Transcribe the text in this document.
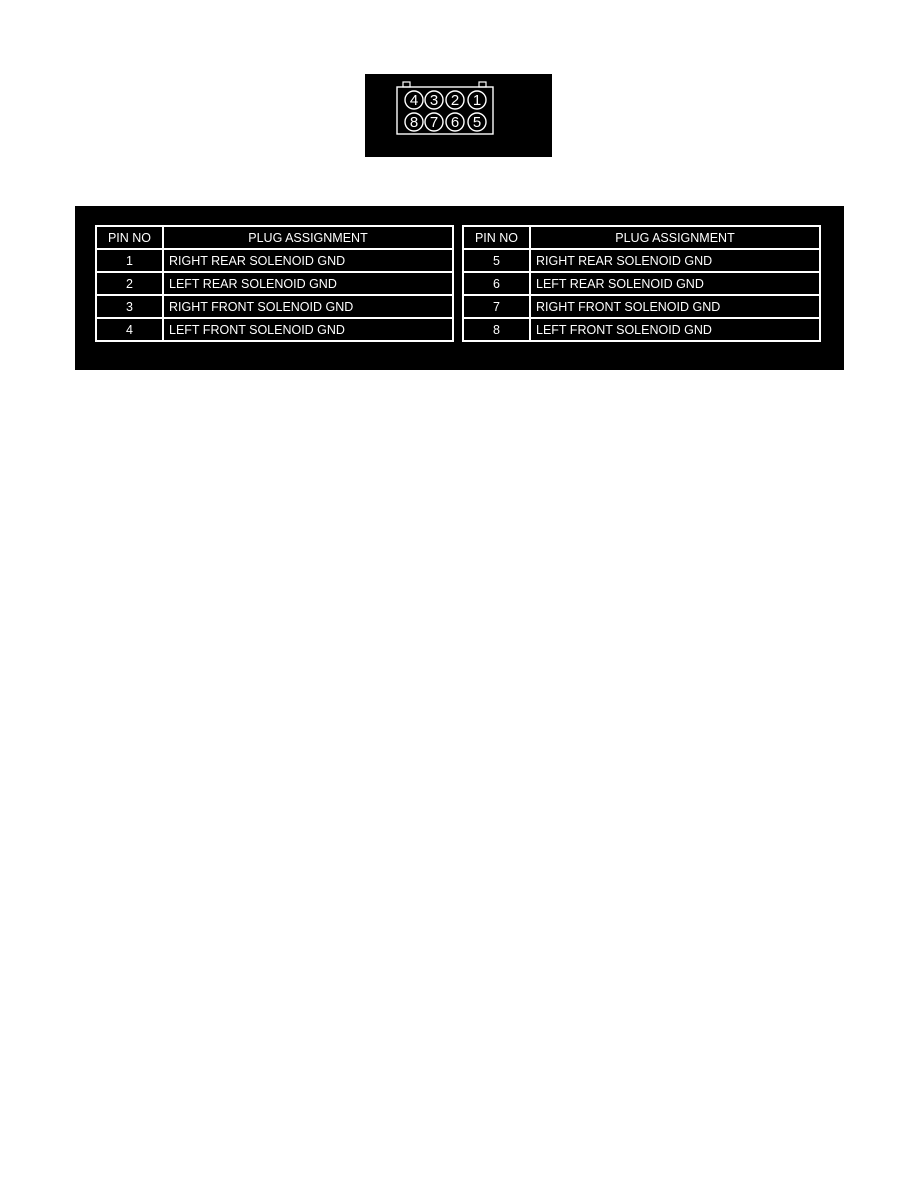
4 3 2 1
8 7 6 5
PIN NO	PLUG ASSIGNMENT
1	RIGHT REAR SOLENOID GND
2	LEFT REAR SOLENOID GND
3	RIGHT FRONT SOLENOID GND
4	LEFT FRONT SOLENOID GND
PIN NO	PLUG ASSIGNMENT
5	RIGHT REAR SOLENOID GND
6	LEFT REAR SOLENOID GND
7	RIGHT FRONT SOLENOID GND
8	LEFT FRONT SOLENOID GND
